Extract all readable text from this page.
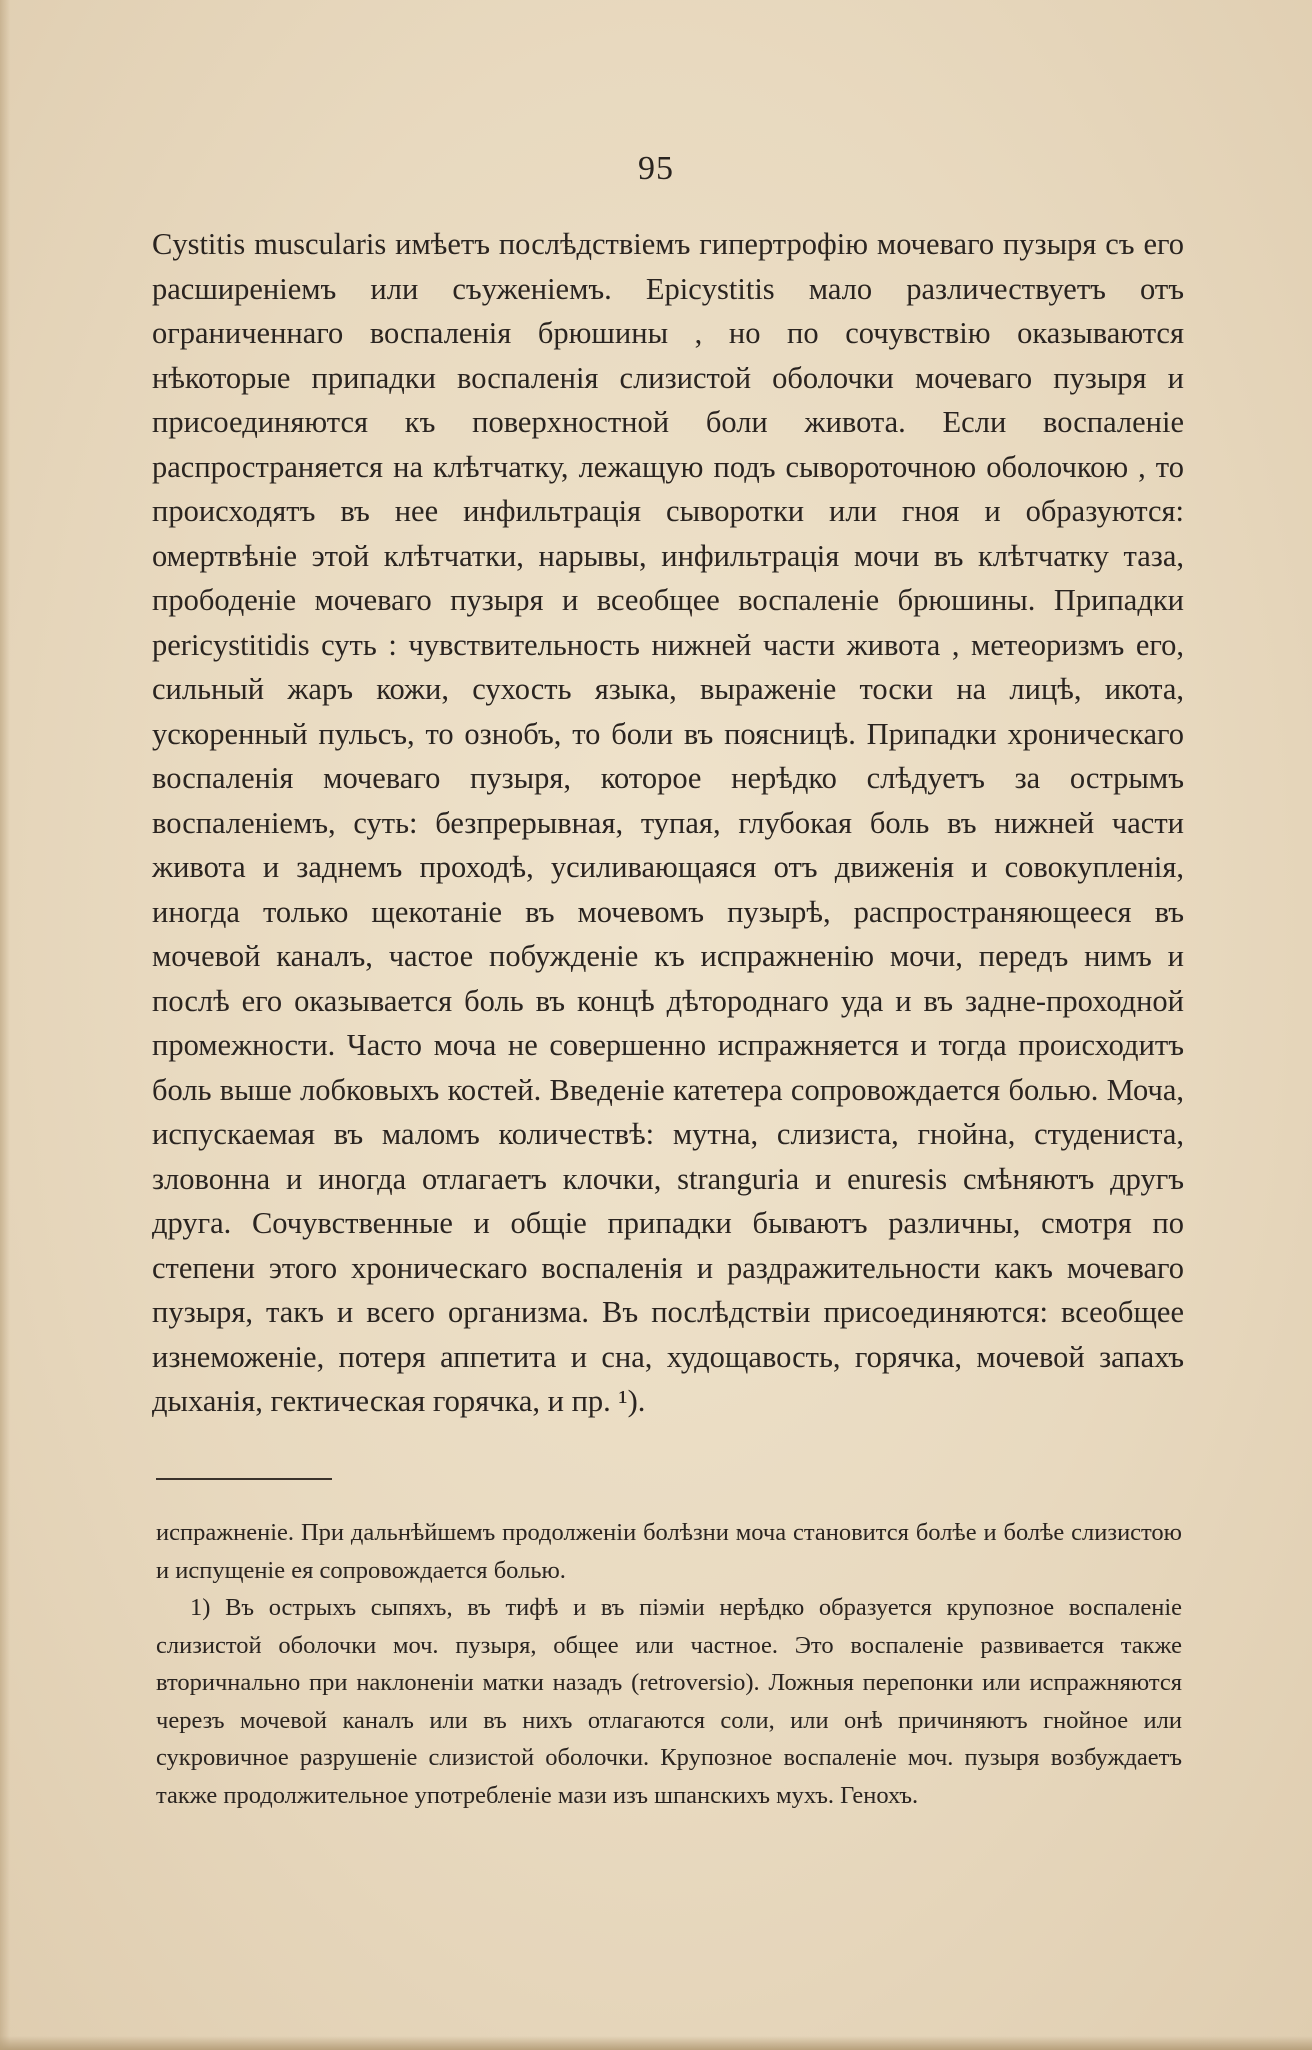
95

Cystitis muscularis имѣетъ послѣдствіемъ гипертрофію мочеваго пузыря съ его расширеніемъ или съуженіемъ. Epicystitis мало различествуетъ отъ ограниченнаго воспаленія брюшины , но по сочувствію оказываются нѣкоторые припадки воспаленія слизистой оболочки мочеваго пузыря и присоединяются къ поверхностной боли живота. Если воспаленіе распространяется на клѣтчатку, лежащую подъ сывороточною оболочкою , то происходятъ въ нее инфильтрація сыворотки или гноя и образуются: омертвѣніе этой клѣтчатки, нарывы, инфильтрація мочи въ клѣтчатку таза, прободеніе мочеваго пузыря и всеобщее воспаленіе брюшины. Припадки pericystitidis суть : чувствительность нижней части живота , метеоризмъ его, сильный жаръ кожи, сухость языка, выраженіе тоски на лицѣ, икота, ускоренный пульсъ, то ознобъ, то боли въ поясницѣ. Припадки хроническаго воспаленія мочеваго пузыря, которое нерѣдко слѣдуетъ за острымъ воспаленіемъ, суть: безпрерывная, тупая, глубокая боль въ нижней части живота и заднемъ проходѣ, усиливающаяся отъ движенія и совокупленія, иногда только щекотаніе въ мочевомъ пузырѣ, распространяющееся въ мочевой каналъ, частое побужденіе къ испражненію мочи, передъ нимъ и послѣ его оказывается боль въ концѣ дѣтороднаго уда и въ задне-проходной промежности. Часто моча не совершенно испражняется и тогда происходитъ боль выше лобковыхъ костей. Введеніе катетера сопровождается болью. Моча, испускаемая въ маломъ количествѣ: мутна, слизиста, гнойна, студениста, зловонна и иногда отлагаетъ клочки, strangurіa и enuresis смѣняютъ другъ друга. Сочувственные и общіе припадки бываютъ различны, смотря по степени этого хроническаго воспаленія и раздражительности какъ мочеваго пузыря, такъ и всего организма. Въ послѣдствіи присоединяются: всеобщее изнеможеніе, потеря аппетита и сна, худощавость, горячка, мочевой запахъ дыханія, гектическая горячка, и пр. ¹).

испражненіе. При дальнѣйшемъ продолженіи болѣзни моча становится болѣе и болѣе слизистою и испущеніе ея сопровождается болью.

1) Въ острыхъ сыпяхъ, въ тифѣ и въ піэміи нерѣдко образуется крупозное воспаленіе слизистой оболочки моч. пузыря, общее или частное. Это воспаленіе развивается также вторичнально при наклоненіи матки назадъ (retroversio). Ложныя перепонки или испражняются черезъ мочевой каналъ или въ нихъ отлагаются соли, или онѣ причиняютъ гнойное или сукровичное разрушеніе слизистой оболочки. Крупозное воспаленіе моч. пузыря возбуждаетъ также продолжительное употребленіе мази изъ шпанскихъ мухъ. Генохъ.
